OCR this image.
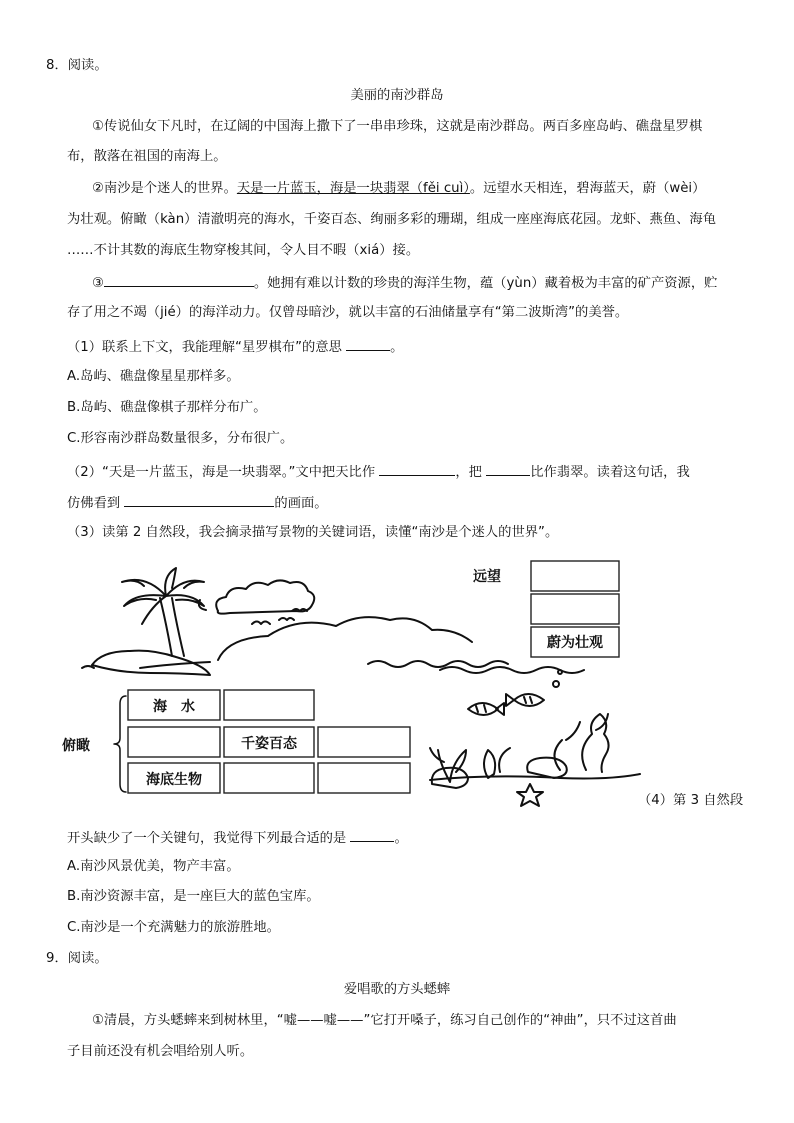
8．阅读。
美丽的南沙群岛
①传说仙女下凡时，在辽阔的中国海上撒下了一串串珍珠，这就是南沙群岛。两百多座岛屿、礁盘星罗棋
布，散落在祖国的南海上。
②南沙是个迷人的世界。天是一片蓝玉，海是一块翡翠（fěi cuì）。远望水天相连，碧海蓝天，蔚（wèi）
为壮观。俯瞰（kàn）清澈明亮的海水，千姿百态、绚丽多彩的珊瑚，组成一座座海底花园。龙虾、燕鱼、海龟
……不计其数的海底生物穿梭其间，令人目不暇（xiá）接。
③	。她拥有难以计数的珍贵的海洋生物，蕴（yùn）藏着极为丰富的矿产资源，贮
存了用之不竭（jié）的海洋动力。仅曾母暗沙，就以丰富的石油储量享有“第二波斯湾”的美誉。
（1）联系上下文，我能理解“星罗棋布”的意思	。
A.岛屿、礁盘像星星那样多。
B.岛屿、礁盘像棋子那样分布广。
C.形容南沙群岛数量很多，分布很广。
（2）“天是一片蓝玉，海是一块翡翠。”文中把天比作	，把	比作翡翠。读着这句话，我
仿佛看到	的画面。
（3）读第 2 自然段，我会摘录描写景物的关键词语，读懂“南沙是个迷人的世界”。
蔚为壮观
远望
俯瞰
海　水
千姿百态
海底生物
（4）第 3 自然段
开头缺少了一个关键句，我觉得下列最合适的是	。
A.南沙风景优美，物产丰富。
B.南沙资源丰富，是一座巨大的蓝色宝库。
C.南沙是一个充满魅力的旅游胜地。
9．阅读。
爱唱歌的方头蟋蟀
①清晨，方头蟋蟀来到树林里，“嘘——嘘——”它打开嗓子，练习自己创作的“神曲”，只不过这首曲
子目前还没有机会唱给别人听。
